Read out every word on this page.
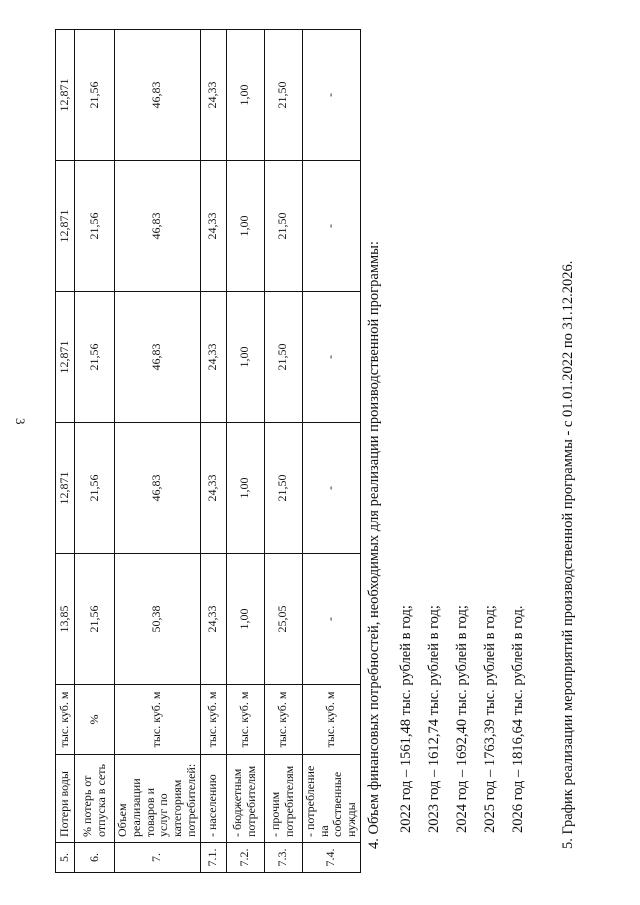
3
5.	Потери воды	тыс. куб. м	13,85	12,871	12,871	12,871	12,871
6.	% потерь от отпуска в сеть	%	21,56	21,56	21,56	21,56	21,56
7.	Объем реализации товаров и услуг по категориям потребителей:	тыс. куб. м	50,38	46,83	46,83	46,83	46,83
7.1.	- населению	тыс. куб. м	24,33	24,33	24,33	24,33	24,33
7.2.	- бюджетным потребителям	тыс. куб. м	1,00	1,00	1,00	1,00	1,00
7.3.	- прочим потребителям	тыс. куб. м	25,05	21,50	21,50	21,50	21,50
7.4.	- потребление на собственные нужды	тыс. куб. м	-	-	-	-	-
4. Объем финансовых потребностей, необходимых для реализации производственной программы:	2022 год – 1561,48 тыс. рублей в год; 2023 год – 1612,74 тыс. рублей в год; 2024 год – 1692,40 тыс. рублей в год; 2025 год – 1763,39 тыс. рублей в год; 2026 год – 1816,64 тыс. рублей в год.	5. График реализации мероприятий производственной программы - с 01.01.2022 по 31.12.2026.
